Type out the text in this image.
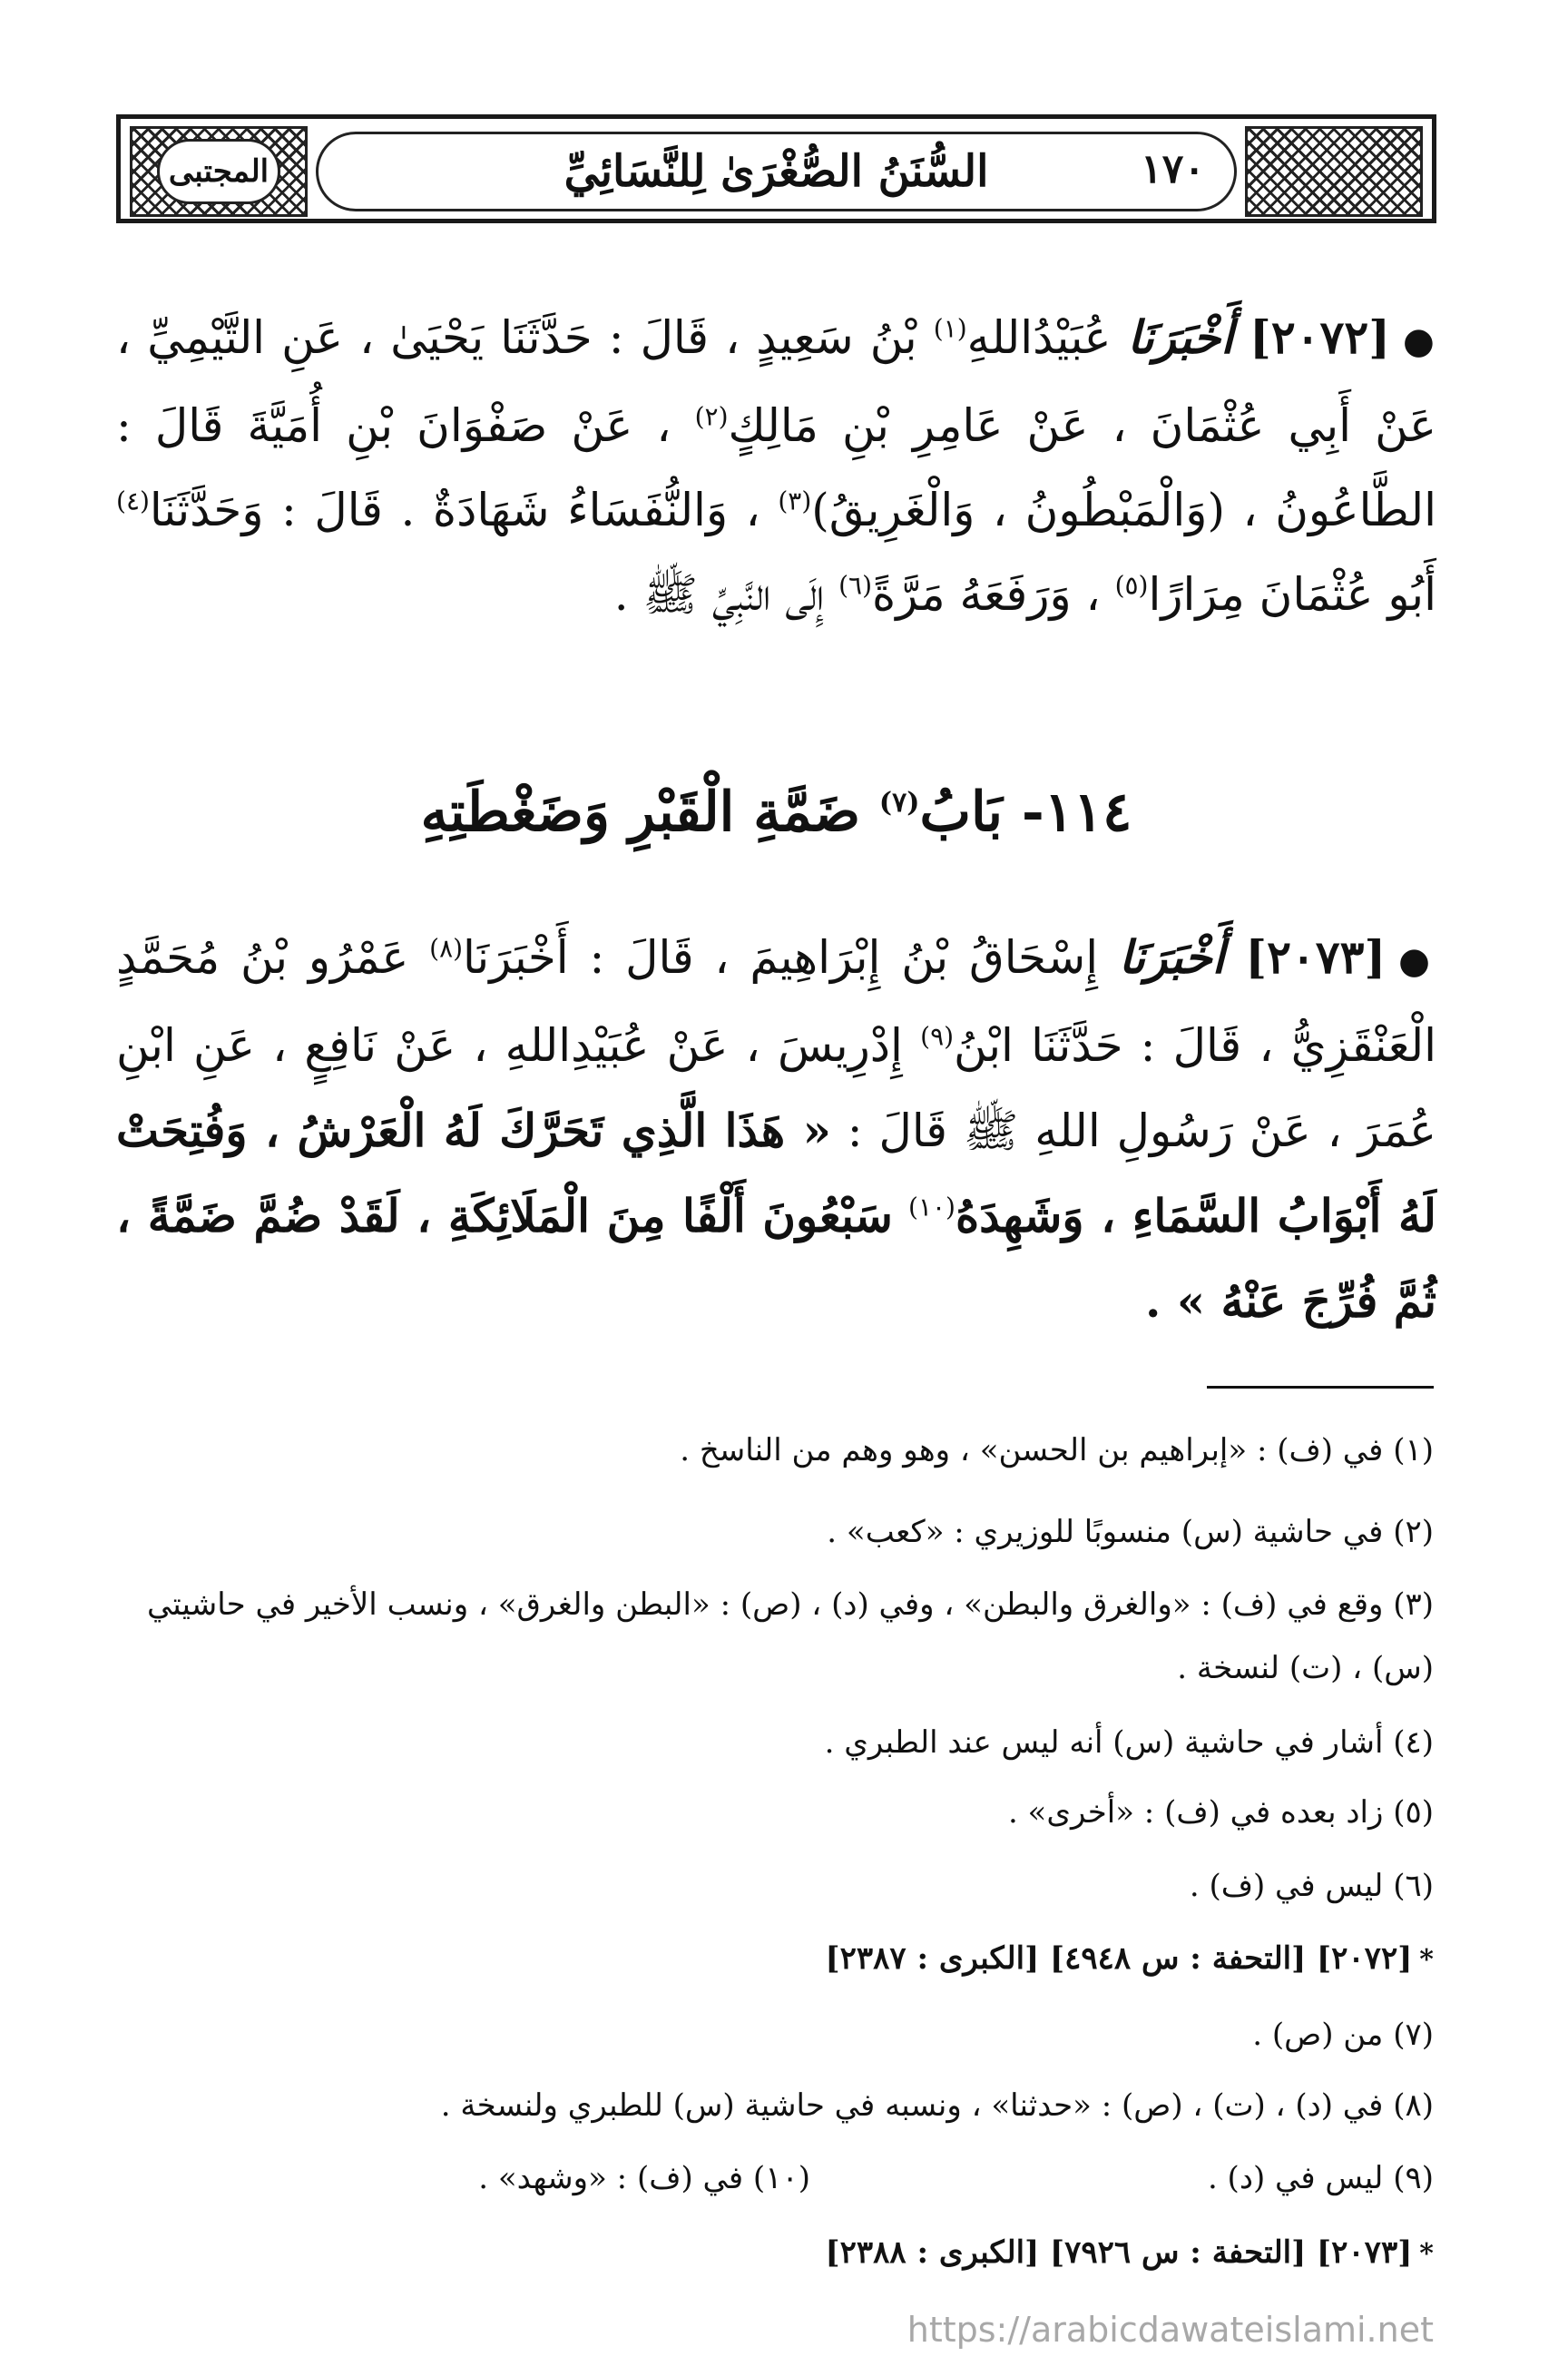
المجتبى	السُّنَنُ الصُّغْرَىٰ لِلنَّسَائِيِّ	١٧٠
●[٢٠٧٢] أَخْبَرَنَا عُبَيْدُاللهِ$^{(١)}$ بْنُ سَعِيدٍ ، قَالَ : حَدَّثَنَا يَحْيَىٰ ، عَنِ التَّيْمِيِّ ، عَنْ أَبِي عُثْمَانَ ، عَنْ عَامِرِ بْنِ مَالِكٍ$^{(٢)}$ ، عَنْ صَفْوَانَ بْنِ أُمَيَّةَ قَالَ : الطَّاعُونُ ، (وَالْمَبْطُونُ ، وَالْغَرِيقُ)$^{(٣)}$ ، وَالنُّفَسَاءُ شَهَادَةٌ . قَالَ : وَحَدَّثَنَا$^{(٤)}$ أَبُو عُثْمَانَ مِرَارًا$^{(٥)}$ ، وَرَفَعَهُ مَرَّةً$^{(٦)}$ إِلَى النَّبِيِّ ﷺ .
١١٤- بَابُ$^{(٧)}$ ضَمَّةِ الْقَبْرِ وَضَغْطَتِهِ
●[٢٠٧٣] أَخْبَرَنَا إِسْحَاقُ بْنُ إِبْرَاهِيمَ ، قَالَ : أَخْبَرَنَا$^{(٨)}$ عَمْرُو بْنُ مُحَمَّدٍ الْعَنْقَزِيُّ ، قَالَ : حَدَّثَنَا ابْنُ$^{(٩)}$ إِدْرِيسَ ، عَنْ عُبَيْدِاللهِ ، عَنْ نَافِعٍ ، عَنِ ابْنِ عُمَرَ ، عَنْ رَسُولِ اللهِ ﷺ قَالَ : « هَذَا الَّذِي تَحَرَّكَ لَهُ الْعَرْشُ ، وَفُتِحَتْ لَهُ أَبْوَابُ السَّمَاءِ ، وَشَهِدَهُ$^{(١٠)}$ سَبْعُونَ أَلْفًا مِنَ الْمَلَائِكَةِ ، لَقَدْ ضُمَّ ضَمَّةً ، ثُمَّ فُرِّجَ عَنْهُ » .
(١) في (ف) : «إبراهيم بن الحسن» ، وهو وهم من الناسخ .
(٢) في حاشية (س) منسوبًا للوزيري : «كعب» .
(٣) وقع في (ف) : «والغرق والبطن» ، وفي (د) ، (ص) : «البطن والغرق» ، ونسب الأخير في حاشيتي (س) ، (ت) لنسخة .
(٤) أشار في حاشية (س) أنه ليس عند الطبري .
(٥) زاد بعده في (ف) : «أخرى» .
(٦) ليس في (ف) .
*[٢٠٧٢] [التحفة : س ٤٩٤٨] [الكبرى : ٢٣٨٧]
(٧) من (ص) .
(٨) في (د) ، (ت) ، (ص) : «حدثنا» ، ونسبه في حاشية (س) للطبري ولنسخة .
(٩) ليس في (د) .
(١٠) في (ف) : «وشهد» .
*[٢٠٧٣] [التحفة : س ٧٩٢٦] [الكبرى : ٢٣٨٨]
https://arabicdawateislami.net
